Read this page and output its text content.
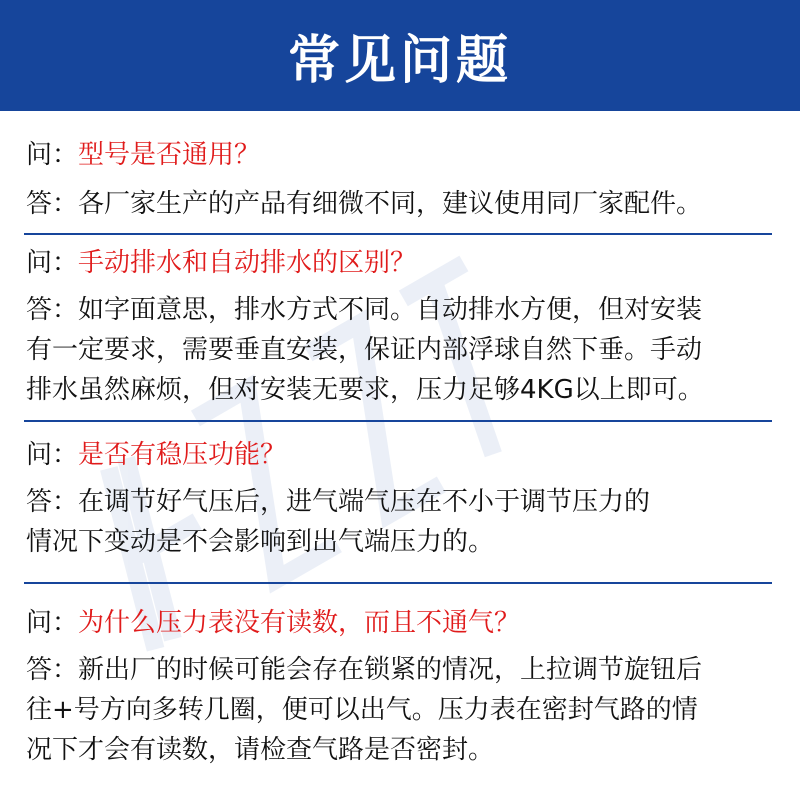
常见问题
问：型号是否通用？
答：各厂家生产的产品有细微不同，建议使用同厂家配件。
问：手动排水和自动排水的区别？
答：如字面意思，排水方式不同。自动排水方便，但对安装
有一定要求，需要垂直安装，保证内部浮球自然下垂。手动
排水虽然麻烦，但对安装无要求，压力足够4KG以上即可。
问：是否有稳压功能？
答：在调节好气压后，进气端气压在不小于调节压力的
情况下变动是不会影响到出气端压力的。
问：为什么压力表没有读数，而且不通气？
答：新出厂的时候可能会存在锁紧的情况，上拉调节旋钮后
往+号方向多转几圈，便可以出气。压力表在密封气路的情
况下才会有读数，请检查气路是否密封。
